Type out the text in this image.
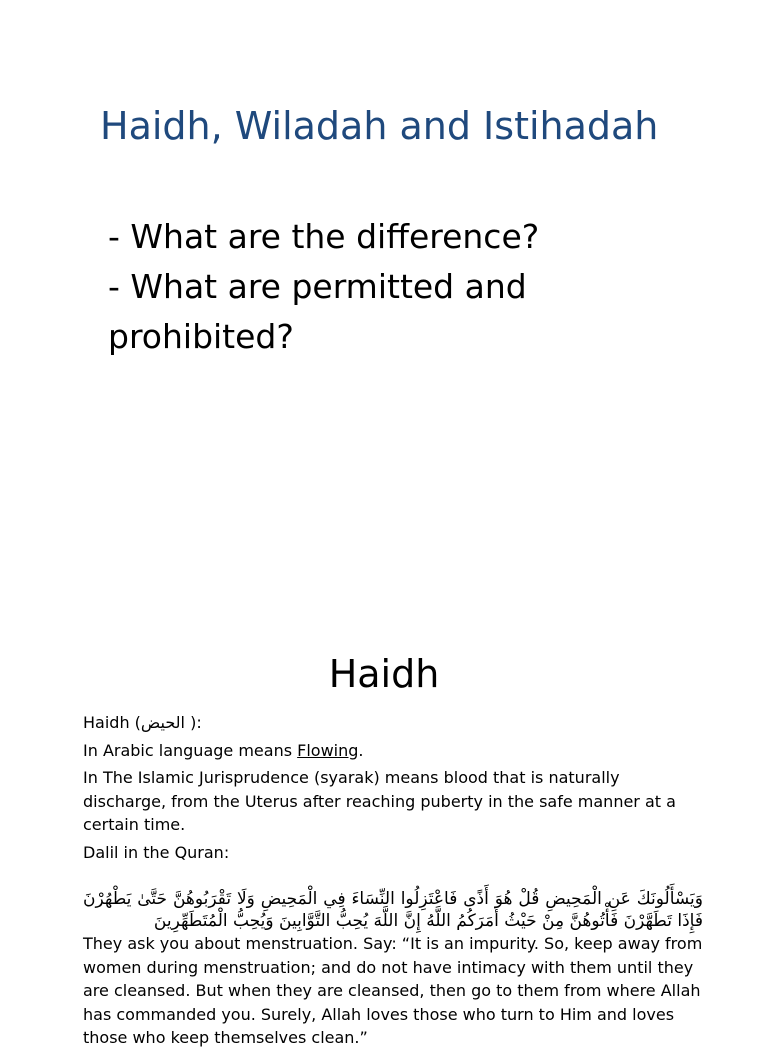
Haidh, Wiladah and Istihadah
- What are the difference?
- What are permitted and prohibited?
Haidh

Haidh (الحيض ):

In Arabic language means Flowing.

In The Islamic Jurisprudence (syarak) means blood that is naturally discharge, from the Uterus after reaching puberty in the safe manner at a certain time.

Dalil in the Quran:

وَيَسْأَلُونَكَ عَنِ الْمَحِيضِ قُلْ هُوَ أَذًى فَاعْتَزِلُوا النِّسَاءَ فِي الْمَحِيضِ وَلَا تَقْرَبُوهُنَّ حَتَّىٰ يَطْهُرْنَ فَإِذَا تَطَهَّرْنَ فَأْتُوهُنَّ مِنْ حَيْثُ أَمَرَكُمُ اللَّهُ إِنَّ اللَّهَ يُحِبُّ التَّوَّابِينَ وَيُحِبُّ الْمُتَطَهِّرِينَ

They ask you about menstruation. Say: “It is an impurity. So, keep away from women during menstruation; and do not have intimacy with them until they are cleansed. But when they are cleansed, then go to them from where Allah has commanded you. Surely, Allah loves those who turn to Him and loves those who keep themselves clean.”
